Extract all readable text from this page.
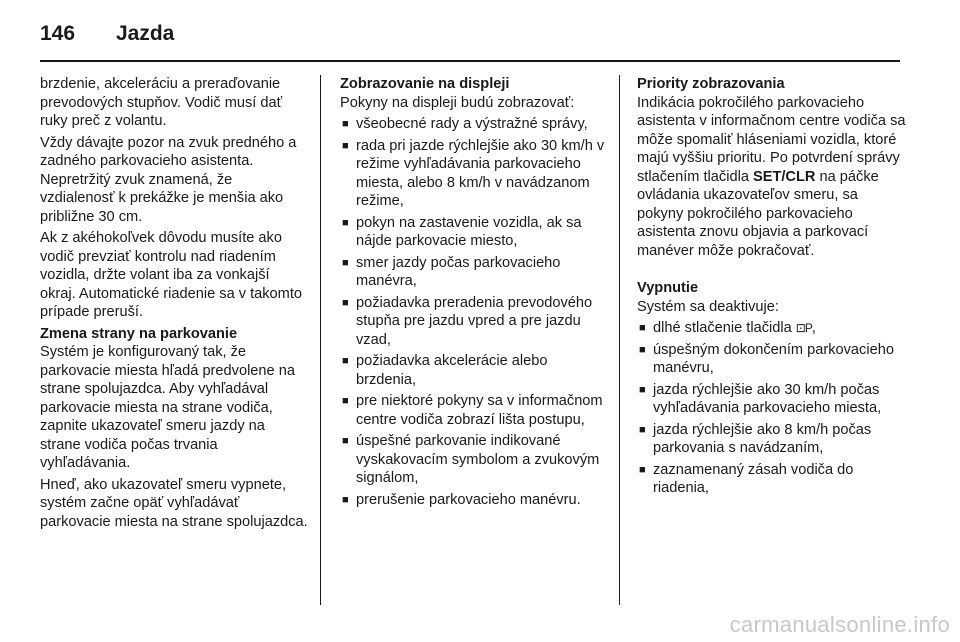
146	Jazda

brzdenie, akceleráciu a preraďovanie prevodových stupňov. Vodič musí dať ruky preč z volantu.

Vždy dávajte pozor na zvuk predného a zadného parkovacieho asistenta. Nepretržitý zvuk znamená, že vzdialenosť k prekážke je menšia ako približne 30 cm.

Ak z akéhokoľvek dôvodu musíte ako vodič prevziať kontrolu nad riadením vozidla, držte volant iba za vonkajší okraj. Automatické riadenie sa v takomto prípade preruší.

Zmena strany na parkovanie

Systém je konfigurovaný tak, že parkovacie miesta hľadá predvolene na strane spolujazdca. Aby vyhľadával parkovacie miesta na strane vodiča, zapnite ukazovateľ smeru jazdy na strane vodiča počas trvania vyhľadávania.

Hneď, ako ukazovateľ smeru vypnete, systém začne opäť vyhľadávať parkovacie miesta na strane spolujazdca.

Zobrazovanie na displeji

Pokyny na displeji budú zobrazovať:

■ všeobecné rady a výstražné správy,
■ rada pri jazde rýchlejšie ako 30 km/h v režime vyhľadávania parkovacieho miesta, alebo 8 km/h v navádzanom režime,
■ pokyn na zastavenie vozidla, ak sa nájde parkovacie miesto,
■ smer jazdy počas parkovacieho manévra,
■ požiadavka preradenia prevodového stupňa pre jazdu vpred a pre jazdu vzad,
■ požiadavka akcelerácie alebo brzdenia,
■ pre niektoré pokyny sa v informačnom centre vodiča zobrazí lišta postupu,
■ úspešné parkovanie indikované vyskakovacím symbolom a zvukovým signálom,
■ prerušenie parkovacieho manévru.

Priority zobrazovania

Indikácia pokročilého parkovacieho asistenta v informačnom centre vodiča sa môže spomaliť hláseniami vozidla, ktoré majú vyššiu prioritu. Po potvrdení správy stlačením tlačidla SET/CLR na páčke ovládania ukazovateľov smeru, sa pokyny pokročilého parkovacieho asistenta znovu objavia a parkovací manéver môže pokračovať.

Vypnutie

Systém sa deaktivuje:

■ dlhé stlačenie tlačidla ⊡P,
■ úspešným dokončením parkovacieho manévru,
■ jazda rýchlejšie ako 30 km/h počas vyhľadávania parkovacieho miesta,
■ jazda rýchlejšie ako 8 km/h počas parkovania s navádzaním,
■ zaznamenaný zásah vodiča do riadenia,
carmanualsonline.info
